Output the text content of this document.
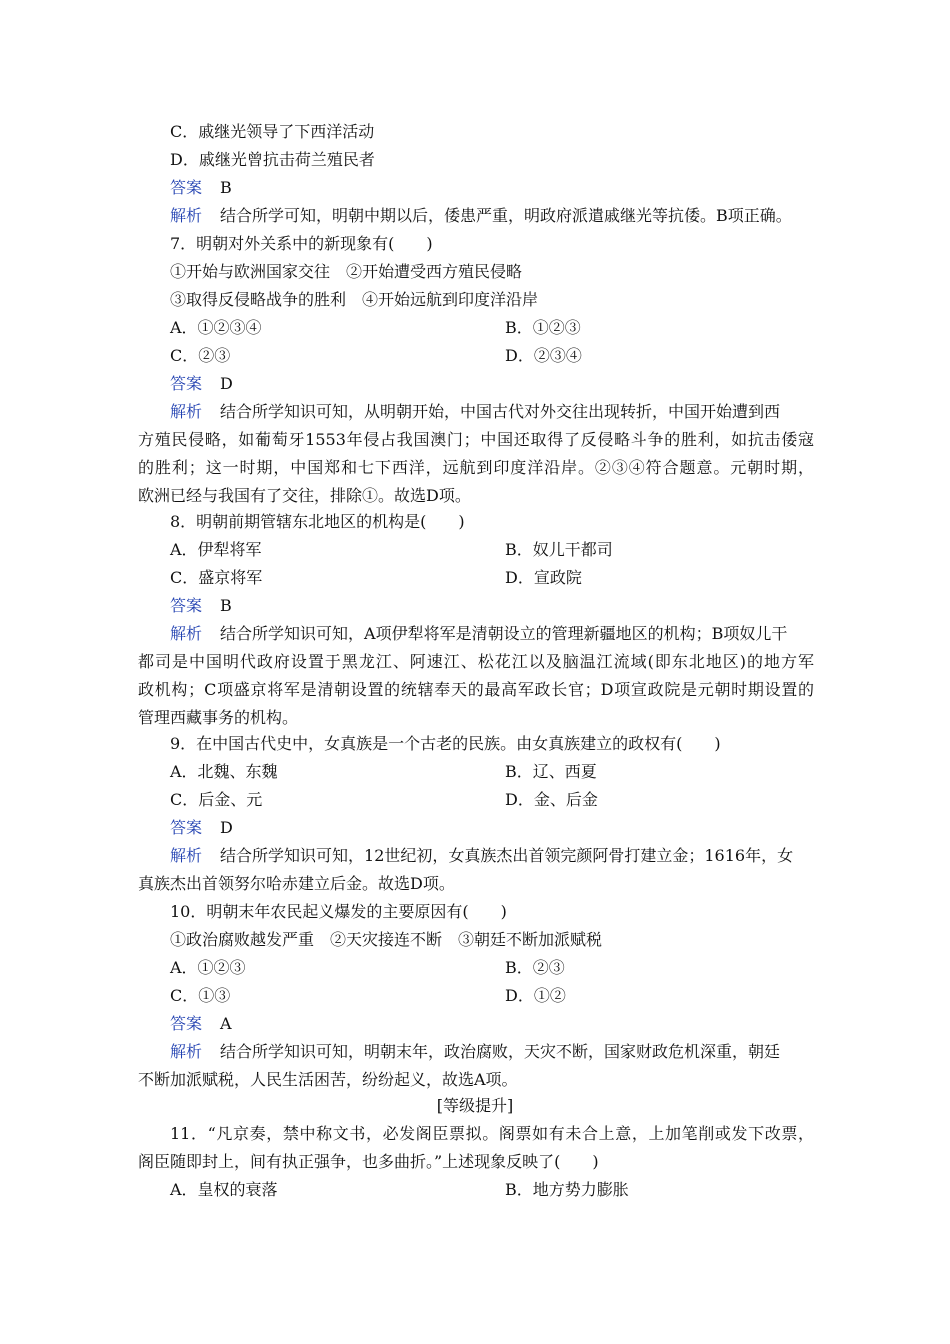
C．戚继光领导了下西洋活动
D．戚继光曾抗击荷兰殖民者
答案 B
解析 结合所学可知，明朝中期以后，倭患严重，明政府派遣戚继光等抗倭。B项正确。
7．明朝对外关系中的新现象有(　　)
①开始与欧洲国家交往　②开始遭受西方殖民侵略
③取得反侵略战争的胜利　④开始远航到印度洋沿岸
A．①②③④	B．①②③
C．②③	D．②③④
答案 D
解析 结合所学知识可知，从明朝开始，中国古代对外交往出现转折，中国开始遭到西
方殖民侵略，如葡萄牙1553年侵占我国澳门；中国还取得了反侵略斗争的胜利，如抗击倭寇
的胜利；这一时期，中国郑和七下西洋，远航到印度洋沿岸。②③④符合题意。元朝时期，
欧洲已经与我国有了交往，排除①。故选D项。
8．明朝前期管辖东北地区的机构是(　　)
A．伊犁将军	B．奴儿干都司
C．盛京将军	D．宣政院
答案 B
解析 结合所学知识可知，A项伊犁将军是清朝设立的管理新疆地区的机构；B项奴儿干
都司是中国明代政府设置于黑龙江、阿速江、松花江以及脑温江流域(即东北地区)的地方军
政机构；C项盛京将军是清朝设置的统辖奉天的最高军政长官；D项宣政院是元朝时期设置的
管理西藏事务的机构。
9．在中国古代史中，女真族是一个古老的民族。由女真族建立的政权有(　　)
A．北魏、东魏	B．辽、西夏
C．后金、元	D．金、后金
答案 D
解析 结合所学知识可知，12世纪初，女真族杰出首领完颜阿骨打建立金；1616年，女
真族杰出首领努尔哈赤建立后金。故选D项。
10．明朝末年农民起义爆发的主要原因有(　　)
①政治腐败越发严重　②天灾接连不断　③朝廷不断加派赋税
A．①②③	B．②③
C．①③	D．①②
答案 A
解析 结合所学知识可知，明朝末年，政治腐败，天灾不断，国家财政危机深重，朝廷
不断加派赋税，人民生活困苦，纷纷起义，故选A项。
[等级提升]
11．“凡京奏，禁中称文书，必发阁臣票拟。阁票如有未合上意，上加笔削或发下改票，
阁臣随即封上，间有执正强争，也多曲折。”上述现象反映了(　　)
A．皇权的衰落	B．地方势力膨胀
